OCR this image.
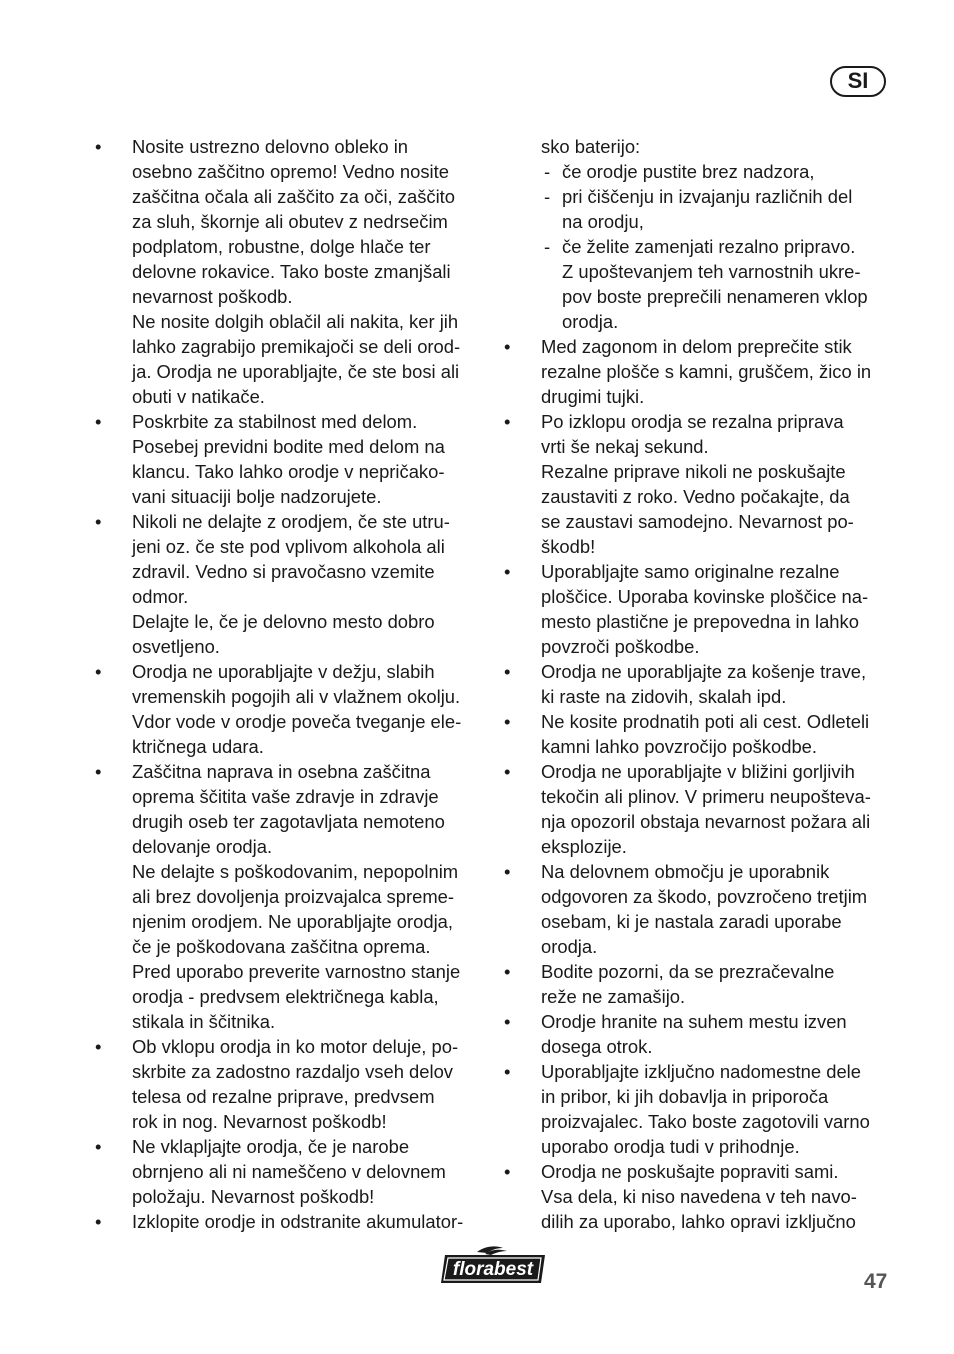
SI
• Nosite ustrezno delovno obleko in
osebno zaščitno opremo! Vedno nosite
zaščitna očala ali zaščito za oči, zaščito
za sluh, škornje ali obutev z nedrsečim
podplatom, robustne, dolge hlače ter
delovne rokavice. Tako boste zmanjšali
nevarnost poškodb.
Ne nosite dolgih oblačil ali nakita, ker jih
lahko zagrabijo premikajoči se deli orod-
ja. Orodja ne uporabljajte, če ste bosi ali
obuti v natikače.
• Poskrbite za stabilnost med delom.
Posebej previdni bodite med delom na
klancu. Tako lahko orodje v nepričako-
vani situaciji bolje nadzorujete.
• Nikoli ne delajte z orodjem, če ste utru-
jeni oz. če ste pod vplivom alkohola ali
zdravil. Vedno si pravočasno vzemite
odmor.
Delajte le, če je delovno mesto dobro
osvetljeno.
• Orodja ne uporabljajte v dežju, slabih
vremenskih pogojih ali v vlažnem okolju.
Vdor vode v orodje poveča tveganje ele-
ktričnega udara.
• Zaščitna naprava in osebna zaščitna
oprema ščitita vaše zdravje in zdravje
drugih oseb ter zagotavljata nemoteno
delovanje orodja.
Ne delajte s poškodovanim, nepopolnim
ali brez dovoljenja proizvajalca spreme-
njenim orodjem. Ne uporabljajte orodja,
če je poškodovana zaščitna oprema.
Pred uporabo preverite varnostno stanje
orodja - predvsem električnega kabla,
stikala in ščitnika.
• Ob vklopu orodja in ko motor deluje, po-
skrbite za zadostno razdaljo vseh delov
telesa od rezalne priprave, predvsem
rok in nog. Nevarnost poškodb!
• Ne vklapljajte orodja, če je narobe
obrnjeno ali ni nameščeno v delovnem
položaju. Nevarnost poškodb!
• Izklopite orodje in odstranite akumulator-
sko baterijo:
- če orodje pustite brez nadzora,
- pri čiščenju in izvajanju različnih del
na orodju,
- če želite zamenjati rezalno pripravo.
Z upoštevanjem teh varnostnih ukre-
pov boste preprečili nenameren vklop
orodja.
• Med zagonom in delom preprečite stik
rezalne plošče s kamni, gruščem, žico in
drugimi tujki.
• Po izklopu orodja se rezalna priprava
vrti še nekaj sekund.
Rezalne priprave nikoli ne poskušajte
zaustaviti z roko. Vedno počakajte, da
se zaustavi samodejno. Nevarnost po-
škodb!
• Uporabljajte samo originalne rezalne
ploščice. Uporaba kovinske ploščice na-
mesto plastične je prepovedna in lahko
povzroči poškodbe.
• Orodja ne uporabljajte za košenje trave,
ki raste na zidovih, skalah ipd.
• Ne kosite prodnatih poti ali cest. Odleteli
kamni lahko povzročijo poškodbe.
• Orodja ne uporabljajte v bližini gorljivih
tekočin ali plinov. V primeru neupošteva-
nja opozoril obstaja nevarnost požara ali
eksplozije.
• Na delovnem območju je uporabnik
odgovoren za škodo, povzročeno tretjim
osebam, ki je nastala zaradi uporabe
orodja.
• Bodite pozorni, da se prezračevalne
reže ne zamašijo.
• Orodje hranite na suhem mestu izven
dosega otrok.
• Uporabljajte izključno nadomestne dele
in pribor, ki jih dobavlja in priporoča
proizvajalec. Tako boste zagotovili varno
uporabo orodja tudi v prihodnje.
• Orodja ne poskušajte popraviti sami.
Vsa dela, ki niso navedena v teh navo-
dilih za uporabo, lahko opravi izključno
florabest
47
